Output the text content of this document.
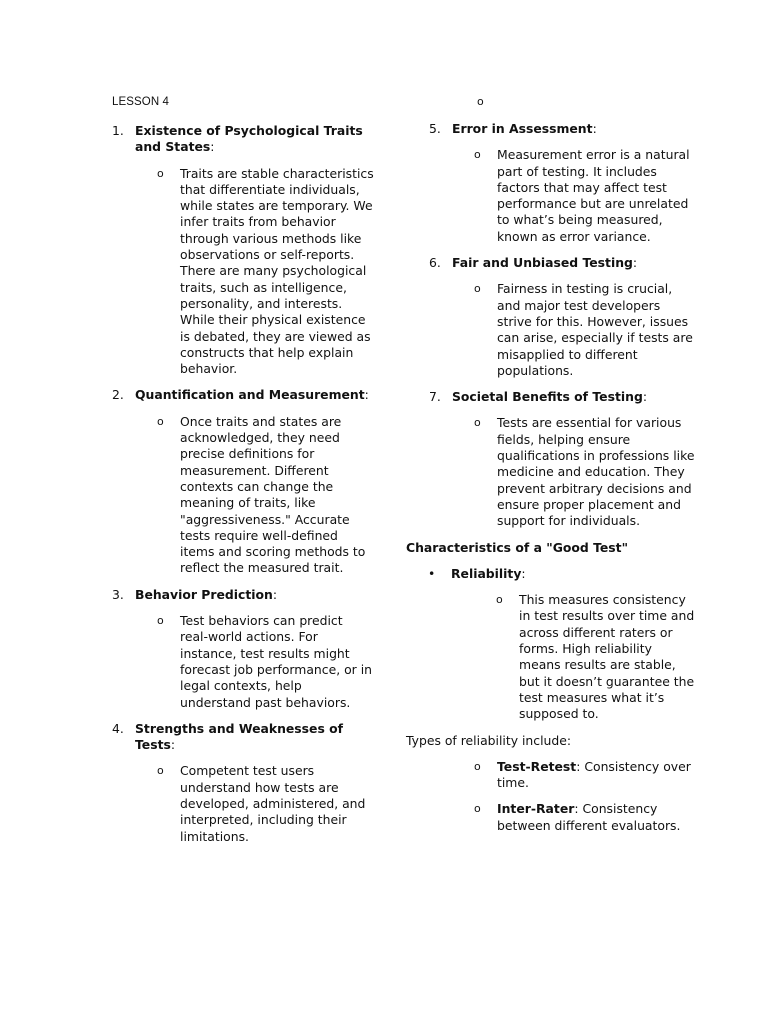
LESSON 4
1. Existence of Psychological Traits and States:
o Traits are stable characteristics that differentiate individuals, while states are temporary. We infer traits from behavior through various methods like observations or self-reports. There are many psychological traits, such as intelligence, personality, and interests. While their physical existence is debated, they are viewed as constructs that help explain behavior.
2. Quantification and Measurement:
o Once traits and states are acknowledged, they need precise definitions for measurement. Different contexts can change the meaning of traits, like "aggressiveness." Accurate tests require well-defined items and scoring methods to reflect the measured trait.
3. Behavior Prediction:
o Test behaviors can predict real-world actions. For instance, test results might forecast job performance, or in legal contexts, help understand past behaviors.
4. Strengths and Weaknesses of Tests:
o Competent test users understand how tests are developed, administered, and interpreted, including their limitations.
o
5. Error in Assessment:
o Measurement error is a natural part of testing. It includes factors that may affect test performance but are unrelated to what’s being measured, known as error variance.
6. Fair and Unbiased Testing:
o Fairness in testing is crucial, and major test developers strive for this. However, issues can arise, especially if tests are misapplied to different populations.
7. Societal Benefits of Testing:
o Tests are essential for various fields, helping ensure qualifications in professions like medicine and education. They prevent arbitrary decisions and ensure proper placement and support for individuals.
Characteristics of a "Good Test"
• Reliability:
o This measures consistency in test results over time and across different raters or forms. High reliability means results are stable, but it doesn’t guarantee the test measures what it’s supposed to.
Types of reliability include:
o Test-Retest: Consistency over time.
o Inter-Rater: Consistency between different evaluators.
